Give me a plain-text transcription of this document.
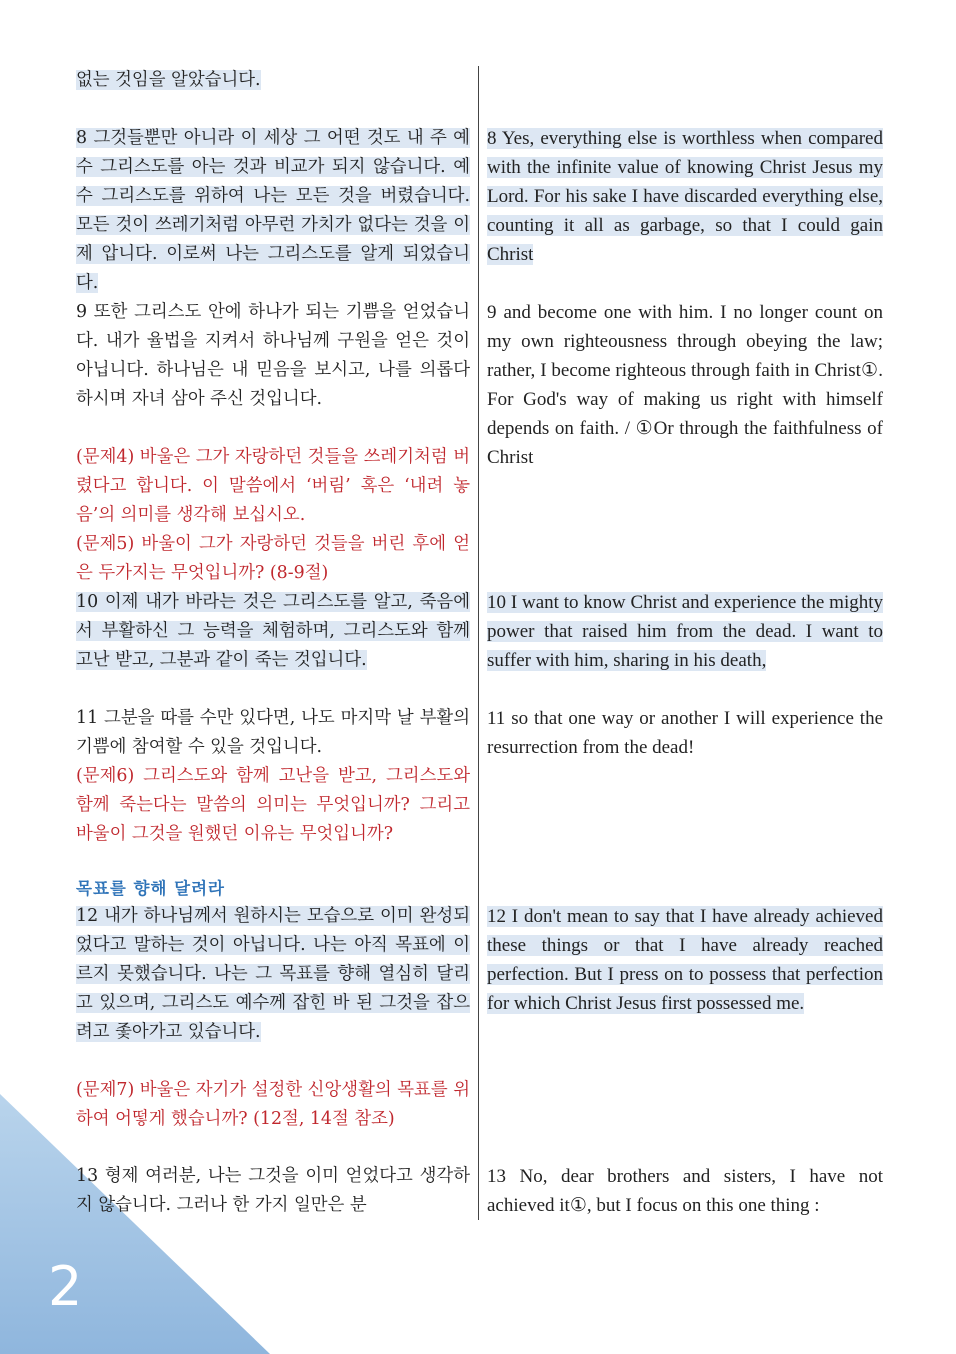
2

없는 것임을 알았습니다.

8 그것들뿐만 아니라 이 세상 그 어떤 것도 내 주 예수 그리스도를 아는 것과 비교가 되지 않습니다. 예수 그리스도를 위하여 나는 모든 것을 버렸습니다. 모든 것이 쓰레기처럼 아무런 가치가 없다는 것을 이제 압니다. 이로써 나는 그리스도를 알게 되었습니다.

9 또한 그리스도 안에 하나가 되는 기쁨을 얻었습니다. 내가 율법을 지켜서 하나님께 구원을 얻은 것이 아닙니다. 하나님은 내 믿음을 보시고, 나를 의롭다 하시며 자녀 삼아 주신 것입니다.

(문제4) 바울은 그가 자랑하던 것들을 쓰레기처럼 버렸다고 합니다. 이 말씀에서 ‘버림’ 혹은 ‘내려 놓음’의 의미를 생각해 보십시오.

(문제5) 바울이 그가 자랑하던 것들을 버린 후에 얻은 두가지는 무엇입니까? (8-9절)

10 이제 내가 바라는 것은 그리스도를 알고, 죽음에서 부활하신 그 능력을 체험하며, 그리스도와 함께 고난 받고, 그분과 같이 죽는 것입니다.

11 그분을 따를 수만 있다면, 나도 마지막 날 부활의 기쁨에 참여할 수 있을 것입니다.

(문제6) 그리스도와 함께 고난을 받고, 그리스도와 함께 죽는다는 말씀의 의미는 무엇입니까? 그리고 바울이 그것을 원했던 이유는 무엇입니까?

목표를 향해 달려라

12 내가 하나님께서 원하시는 모습으로 이미 완성되었다고 말하는 것이 아닙니다. 나는 아직 목표에 이르지 못했습니다. 나는 그 목표를 향해 열심히 달리고 있으며, 그리스도 예수께 잡힌 바 된 그것을 잡으려고 좇아가고 있습니다.

(문제7) 바울은 자기가 설정한 신앙생활의 목표를 위하여 어떻게 했습니까? (12절, 14절 참조)

13 형제 여러분, 나는 그것을 이미 얻었다고 생각하지 않습니다. 그러나 한 가지 일만은 분

8 Yes, everything else is worthless when compared with the infinite value of knowing Christ Jesus my Lord. For his sake I have discarded everything else, counting it all as garbage, so that I could gain Christ

9 and become one with him. I no longer count on my own righteousness through obeying the law; rather, I become righteous through faith in Christ①. For God's way of making us right with himself depends on faith. / ①Or through the faithfulness of Christ

10 I want to know Christ and experience the mighty power that raised him from the dead. I want to suffer with him, sharing in his death,

11 so that one way or another I will experience the resurrection from the dead!

12 I don't mean to say that I have already achieved these things or that I have already reached perfection. But I press on to possess that perfection for which Christ Jesus first possessed me.

13 No, dear brothers and sisters, I have not achieved it①, but I focus on this one thing :
